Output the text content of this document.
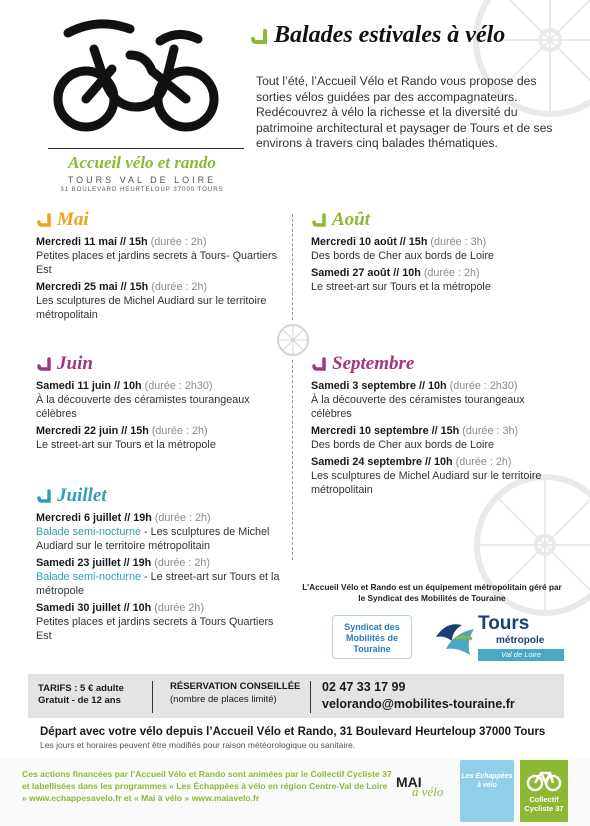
Accueil vélo et rando
TOURS VAL DE LOIRE
31 BOULEVARD HEURTELOUP 37000 TOURS
Balades estivales à vélo
Tout l’été, l’Accueil Vélo et Rando vous propose des sorties vélos guidées par des accompagnateurs. Redécouvrez à vélo la richesse et la diversité du patrimoine architectural et paysager de Tours et de ses environs à travers cinq balades thématiques.
Mai
Mercredi 11 mai // 15h (durée : 2h)
Petites places et jardins secrets à Tours- Quartiers Est
Mercredi 25 mai // 15h (durée : 2h)
Les sculptures de Michel Audiard sur le territoire métropolitain
Août
Mercredi 10 août // 15h (durée : 3h)
Des bords de Cher aux bords de Loire
Samedi 27 août // 10h (durée : 2h)
Le street-art sur Tours et la métropole
Juin
Samedi 11 juin // 10h (durée : 2h30)
À la découverte des céramistes tourangeaux célèbres
Mercredi 22 juin // 15h (durée : 2h)
Le street-art sur Tours et la métropole
Septembre
Samedi 3 septembre // 10h (durée : 2h30)
À la découverte des céramistes tourangeaux célèbres
Mercredi 10 septembre // 15h (durée : 3h)
Des bords de Cher aux bords de Loire
Samedi 24 septembre // 10h (durée : 2h)
Les sculptures de Michel Audiard sur le territoire métropolitain
Juillet
Mercredi 6 juillet // 19h (durée : 2h)
Balade semi-nocturne - Les sculptures de Michel Audiard sur le territoire métropolitain
Samedi 23 juillet // 19h (durée : 2h)
Balade semi-nocturne - Le street-art sur Tours et la métropole
Samedi 30 juillet // 10h (durée 2h)
Petites places et jardins secrets à Tours Quartiers Est
L’Accueil Vélo et Rando est un équipement métropolitain géré par le Syndicat des Mobilités de Touraine
Syndicat des Mobilités de Touraine
Tours
métropole
Val de Loire
TARIFS : 5 € adulte
Gratuit - de 12 ans
RÉSERVATION CONSEILLÉE
(nombre de places limité)
02 47 33 17 99
velorando@mobilites-touraine.fr
Départ avec votre vélo depuis l’Accueil Vélo et Rando, 31 Boulevard Heurteloup 37000 Tours
Les jours et horaires peuvent être modifiés pour raison météorologique ou sanitaire.
Ces actions financées par l’Accueil Vélo et Rando sont animées par le Collectif Cycliste 37 et labellisées dans les programmes « Les Échappées à vélo en région Centre-Val de Loire » www.echappesavelo.fr et « Mai à vélo » www.maiavelo.fr
MAI
à vélo
Les Échappées à vélo
Collectif Cycliste 37
